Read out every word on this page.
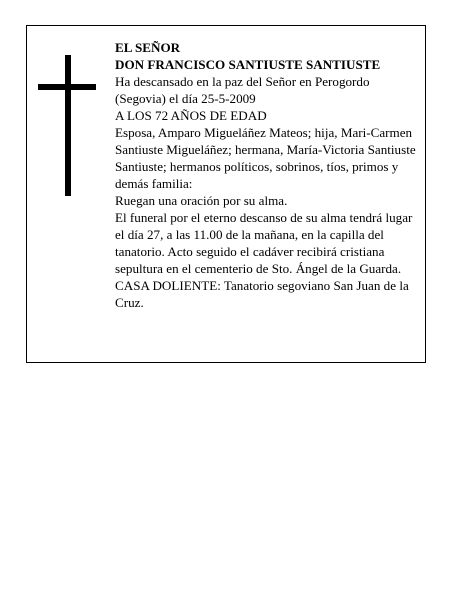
EL SEÑOR

DON FRANCISCO SANTIUSTE SANTIUSTE

Ha descansado en la paz del Señor en Perogordo (Segovia) el día 25-5-2009

A LOS 72 AÑOS DE EDAD

Esposa, Amparo Migueláñez Mateos; hija, Mari-Carmen Santiuste Migueláñez; hermana, María-Victoria Santiuste Santiuste; hermanos políticos, sobrinos, tíos, primos y demás familia:

Ruegan una oración por su alma.

El funeral por el eterno descanso de su alma tendrá lugar el día 27, a las 11.00 de la mañana, en la capilla del tanatorio. Acto seguido el cadáver recibirá cristiana sepultura en el cementerio de Sto. Ángel de la Guarda.

CASA DOLIENTE: Tanatorio segoviano San Juan de la Cruz.
